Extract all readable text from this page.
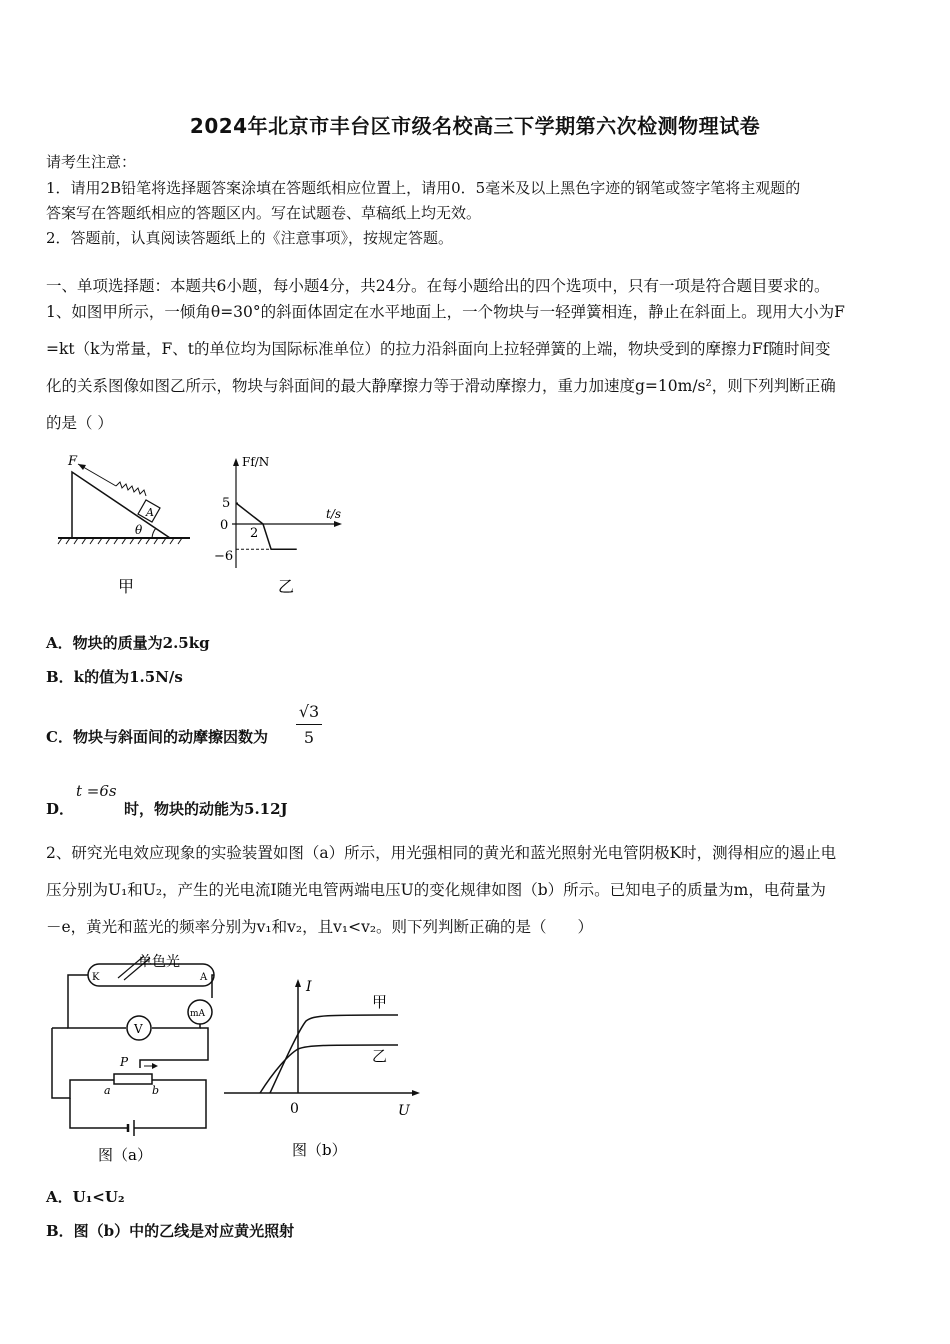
2024年北京市丰台区市级名校高三下学期第六次检测物理试卷
请考生注意：
1．请用2B铅笔将选择题答案涂填在答题纸相应位置上，请用0．5毫米及以上黑色字迹的钢笔或签字笔将主观题的
答案写在答题纸相应的答题区内。写在试题卷、草稿纸上均无效。
2．答题前，认真阅读答题纸上的《注意事项》，按规定答题。
一、单项选择题：本题共6小题，每小题4分，共24分。在每小题给出的四个选项中，只有一项是符合题目要求的。
1、如图甲所示，一倾角θ=30°的斜面体固定在水平地面上，一个物块与一轻弹簧相连，静止在斜面上。现用大小为F
=kt（k为常量，F、t的单位均为国际标准单位）的拉力沿斜面向上拉轻弹簧的上端，物块受到的摩擦力Ff随时间变
化的关系图像如图乙所示，物块与斜面间的最大静摩擦力等于滑动摩擦力，重力加速度g=10m/s²，则下列判断正确
的是（ ）
A
F
θ
甲
Ff/N
t/s
5
0
−6
2
乙
A．物块的质量为2.5kg
B．k的值为1.5N/s
C．物块与斜面间的动摩擦因数为
√3
5
D．	时，物块的动能为5.12J
t =6s
2、研究光电效应现象的实验装置如图（a）所示，用光强相同的黄光和蓝光照射光电管阴极K时，测得相应的遏止电
压分别为U₁和U₂，产生的光电流I随光电管两端电压U的变化规律如图（b）所示。已知电子的质量为m，电荷量为
－e，黄光和蓝光的频率分别为v₁和v₂，且v₁<v₂。则下列判断正确的是（　　）
单色光
K	A
mA
V
P
a	b
图（a）
I
U
0
甲
乙
图（b）
A．U₁<U₂
B．图（b）中的乙线是对应黄光照射
